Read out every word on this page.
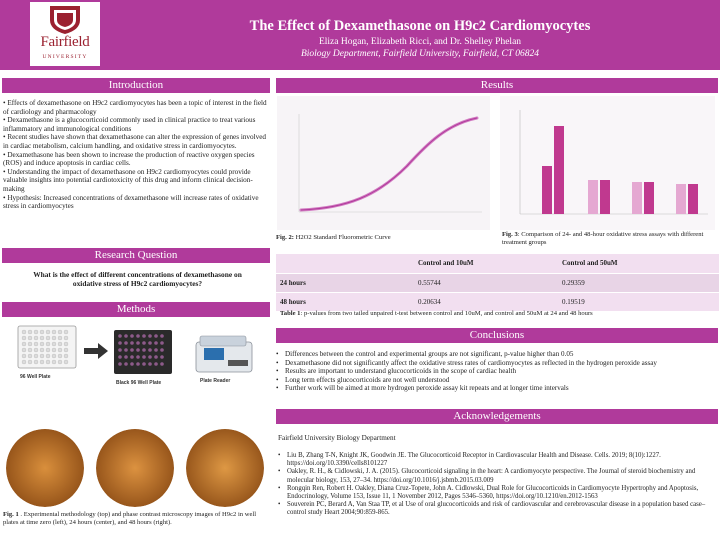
Fairfield
UNIVERSITY
The Effect of Dexamethasone on H9c2 Cardiomyocytes
Eliza Hogan, Elizabeth Ricci, and Dr. Shelley Phelan
Biology Department, Fairfield University, Fairfield, CT 06824
Introduction

• Effects of dexamethasone on H9c2 cardiomyocytes has been a topic of interest in the field of cardiology and pharmacology

• Dexamethasone is a glucocorticoid commonly used in clinical practice to treat various inflammatory and immunological conditions

• Recent studies have shown that dexamethasone can alter the expression of genes involved in cardiac metabolism, calcium handling, and oxidative stress in cardiomyocytes.

• Dexamethasone has been shown to increase the production of reactive oxygen species (ROS) and induce apoptosis in cardiac cells.

• Understanding the impact of dexamethasone on H9c2 cardiomyocytes could provide valuable insights into potential cardiotoxicity of this drug and inform clinical decision-making

• Hypothesis: Increased concentrations of dexamethasone will increase rates of oxidative stress in cardiomyocytes

Research Question
What is the effect of different concentrations of dexamethasone on oxidative stress of H9c2 cardiomyocytes?
Methods
96 Well Plate
Black 96 Well Plate	Plate Reader
Fig. 1 . Experimental methodology (top) and phase contrast microscopy images of H9c2 in well plates at time zero (left), 24 hours (center), and 48 hours (right).
Results
Fig. 2: H2O2 Standard Fluorometric Curve	Fig. 3: Comparison of 24- and 48-hour oxidative stress assays with different treatment groups
	Control and 10uM	Control and 50uM
24 hours	0.55744	0.29359
48 hours	0.20634	0.19519
Table 1: p-values from two tailed unpaired t-test between control and 10uM, and control and 50uM at 24 and 48 hours
Conclusions
• Differences between the control and experimental groups are not significant, p-value higher than 0.05
• Dexamethasone did not significantly affect the oxidative stress rates of cardiomyocytes as reflected in the hydrogen peroxide assay
• Results are important to understand glucocorticoids in the scope of cardiac health
• Long term effects glucocorticoids are not well understood
• Further work will be aimed at more hydrogen peroxide assay kit repeats and at longer time intervals
Acknowledgements
Fairfield University Biology Department
• Liu B, Zhang T-N, Knight JK, Goodwin JE. The Glucocorticoid Receptor in Cardiovascular Health and Disease. Cells. 2019; 8(10):1227. https://doi.org/10.3390/cells8101227
• Oakley, R. H., & Cidlowski, J. A. (2015). Glucocorticoid signaling in the heart: A cardiomyocyte perspective. The Journal of steroid biochemistry and molecular biology, 153, 27–34. https://doi.org/10.1016/j.jsbmb.2015.03.009
• Rongqin Ren, Robert H. Oakley, Diana Cruz-Topete, John A. Cidlowski, Dual Role for Glucocorticoids in Cardiomyocyte Hypertrophy and Apoptosis, Endocrinology, Volume 153, Issue 11, 1 November 2012, Pages 5346–5360, https://doi.org/10.1210/en.2012-1563
• Souverein PC, Berard A, Van Staa TP, et al Use of oral glucocorticoids and risk of cardiovascular and cerebrovascular disease in a population based case–control study Heart 2004;90:859-865.
